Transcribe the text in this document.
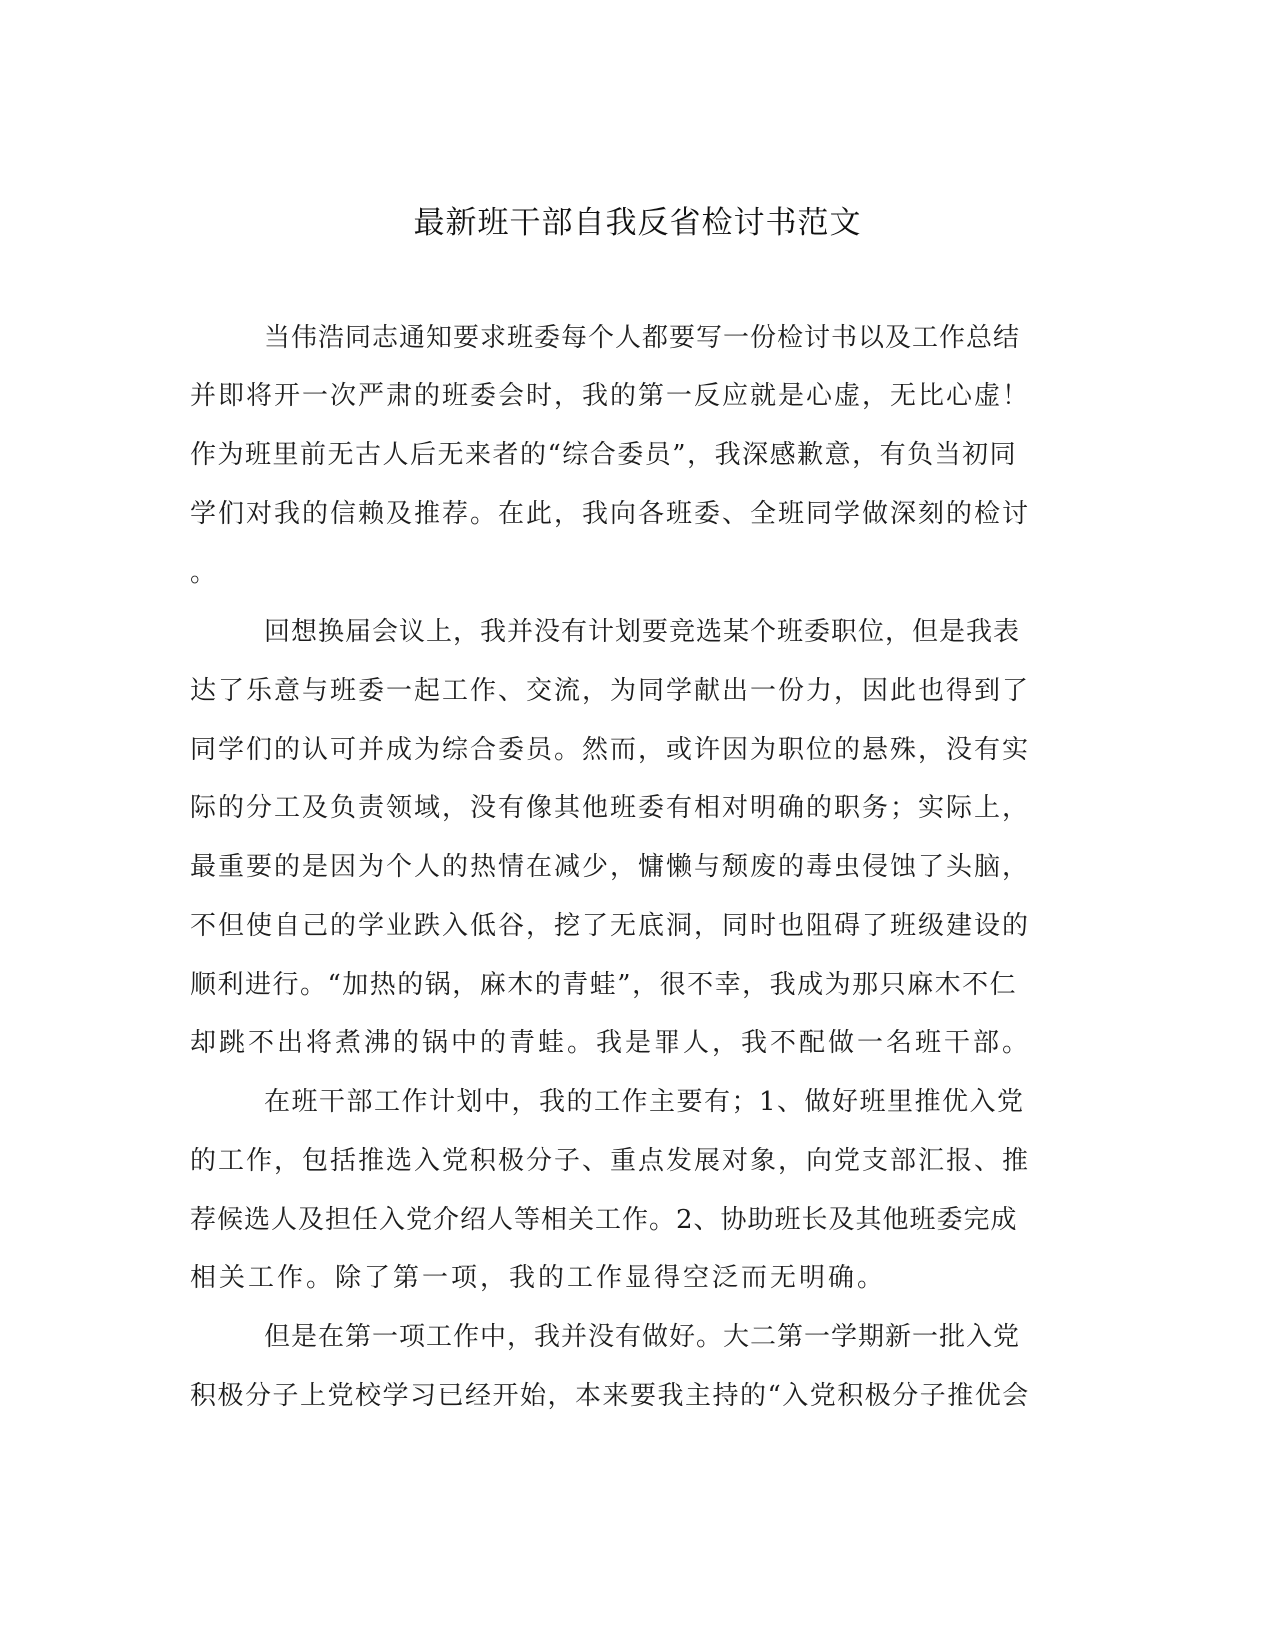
最新班干部自我反省检讨书范文
当伟浩同志通知要求班委每个人都要写一份检讨书以及工作总结
并即将开一次严肃的班委会时，我的第一反应就是心虚，无比心虚！
作为班里前无古人后无来者的“综合委员”，我深感歉意，有负当初同
学们对我的信赖及推荐。在此，我向各班委、全班同学做深刻的检讨
。
回想换届会议上，我并没有计划要竞选某个班委职位，但是我表
达了乐意与班委一起工作、交流，为同学献出一份力，因此也得到了
同学们的认可并成为综合委员。然而，或许因为职位的悬殊，没有实
际的分工及负责领域，没有像其他班委有相对明确的职务；实际上，
最重要的是因为个人的热情在减少，慵懒与颓废的毒虫侵蚀了头脑，
不但使自己的学业跌入低谷，挖了无底洞，同时也阻碍了班级建设的
顺利进行。“加热的锅，麻木的青蛙”，很不幸，我成为那只麻木不仁
却跳不出将煮沸的锅中的青蛙。我是罪人，我不配做一名班干部。
在班干部工作计划中，我的工作主要有；1、做好班里推优入党
的工作，包括推选入党积极分子、重点发展对象，向党支部汇报、推
荐候选人及担任入党介绍人等相关工作。2、协助班长及其他班委完成
相关工作。除了第一项，我的工作显得空泛而无明确。
但是在第一项工作中，我并没有做好。大二第一学期新一批入党
积极分子上党校学习已经开始，本来要我主持的“入党积极分子推优会
